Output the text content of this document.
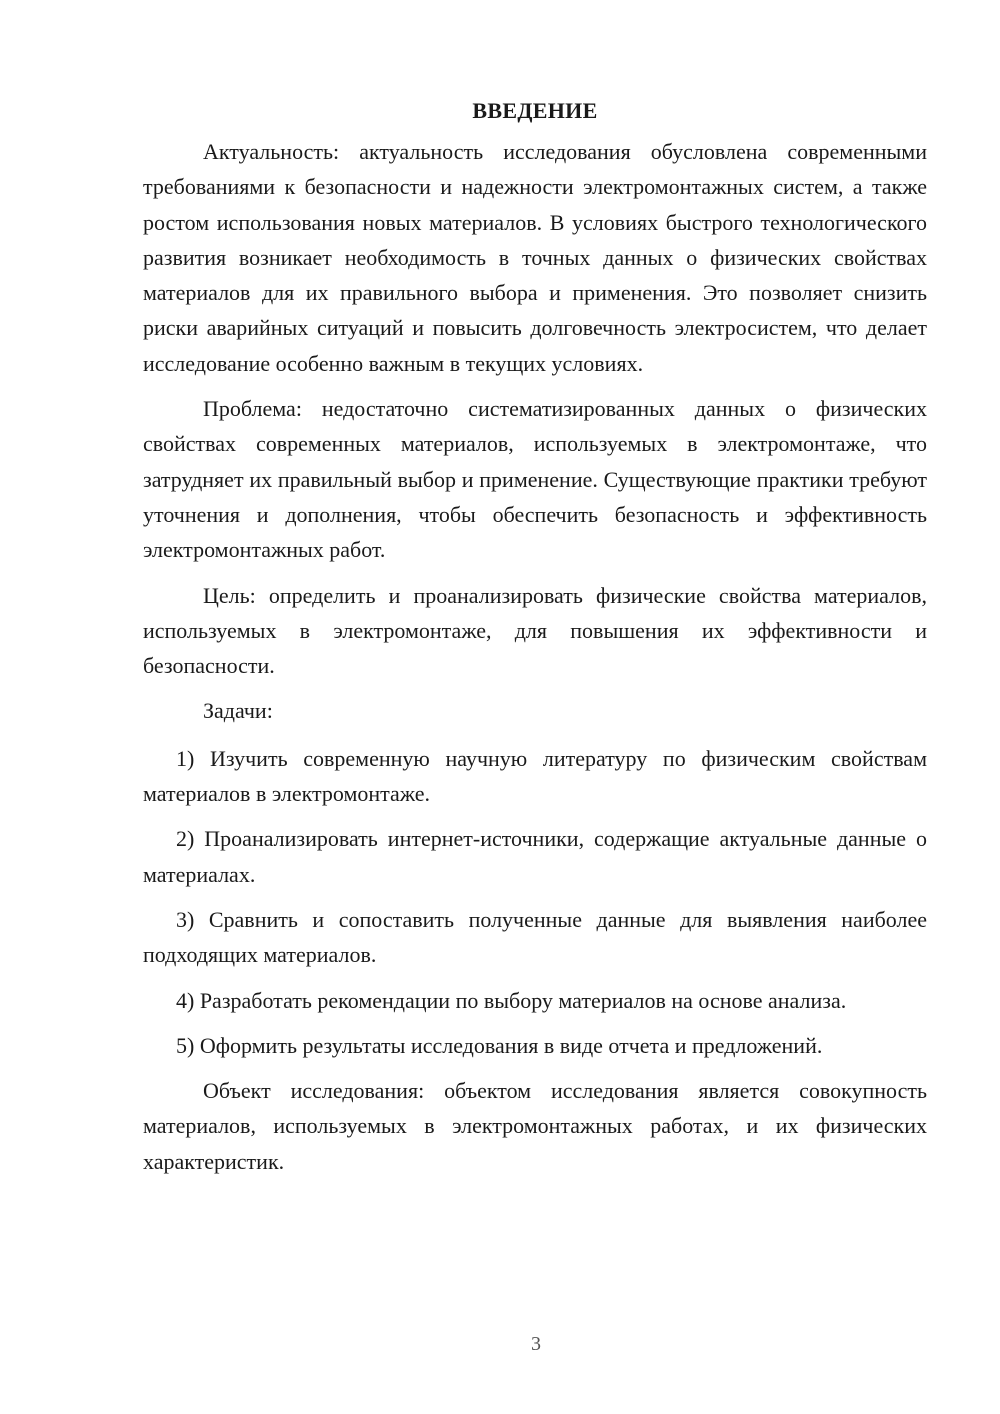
ВВЕДЕНИЕ

Актуальность: актуальность исследования обусловлена современными требованиями к безопасности и надежности электромонтажных систем, а также ростом использования новых материалов. В условиях быстрого технологического развития возникает необходимость в точных данных о физических свойствах материалов для их правильного выбора и применения. Это позволяет снизить риски аварийных ситуаций и повысить долговечность электросистем, что делает исследование особенно важным в текущих условиях.

Проблема: недостаточно систематизированных данных о физических свойствах современных материалов, используемых в электромонтаже, что затрудняет их правильный выбор и применение. Существующие практики требуют уточнения и дополнения, чтобы обеспечить безопасность и эффективность электромонтажных работ.

Цель: определить и проанализировать физические свойства материалов, используемых в электромонтаже, для повышения их эффективности и безопасности.

Задачи:

1) Изучить современную научную литературу по физическим свойствам материалов в электромонтаже.

2) Проанализировать интернет-источники, содержащие актуальные данные о материалах.

3) Сравнить и сопоставить полученные данные для выявления наиболее подходящих материалов.

4) Разработать рекомендации по выбору материалов на основе анализа.

5) Оформить результаты исследования в виде отчета и предложений.

Объект исследования: объектом исследования является совокупность материалов, используемых в электромонтажных работах, и их физических характеристик.

3
